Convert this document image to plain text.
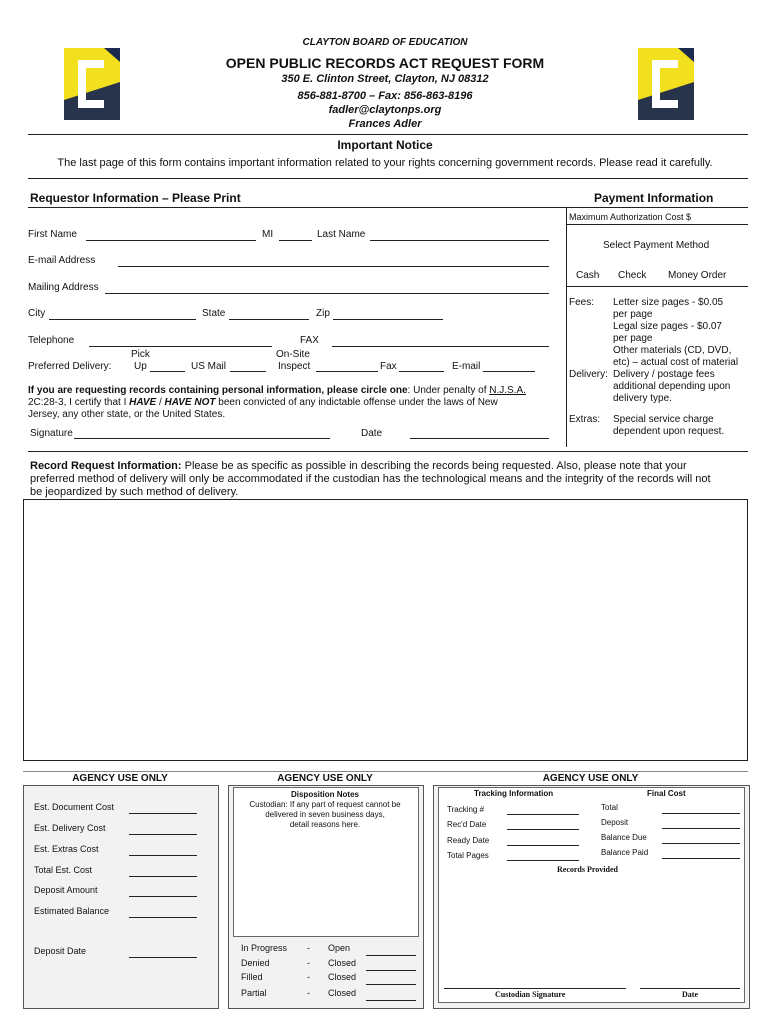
CLAYTON BOARD OF EDUCATION
OPEN PUBLIC RECORDS ACT REQUEST FORM
350 E. Clinton Street, Clayton, NJ 08312
856-881-8700 – Fax: 856-863-8196
fadler@claytonps.org
Frances Adler
Important Notice
The last page of this form contains important information related to your rights concerning government records. Please read it carefully.
Requestor Information – Please Print	Payment Information
First Name	MI	Last Name
E-mail Address
Mailing Address
City	State	Zip
Telephone	FAX
Preferred Delivery:
Pick
Up	US Mail
On-Site
Inspect	Fax	E-mail
If you are requesting records containing personal information, please circle one: Under penalty of N.J.S.A.
2C:28-3, I certify that I HAVE / HAVE NOT been convicted of any indictable offense under the laws of New
Jersey, any other state, or the United States.
Signature	Date
Maximum Authorization Cost $
Select Payment Method
Cash Check Money Order
Fees: Letter size pages - $0.05
per page
Legal size pages - $0.07
per page
Other materials (CD, DVD,
etc) – actual cost of material
Delivery: Delivery / postage fees
additional depending upon
delivery type.
Extras: Special service charge
dependent upon request.
Record Request Information: Please be as specific as possible in describing the records being requested. Also, please note that your
preferred method of delivery will only be accommodated if the custodian has the technological means and the integrity of the records will not
be jeopardized by such method of delivery.
AGENCY USE ONLY
Est. Document Cost
Est. Delivery Cost
Est. Extras Cost
Total Est. Cost
Deposit Amount
Estimated Balance
Deposit Date
AGENCY USE ONLY
Disposition Notes
Custodian: If any part of request cannot be
delivered in seven business days,
detail reasons here.
In Progress - Open
Denied	- Closed
Filled	- Closed
Partial	- Closed
AGENCY USE ONLY
Tracking Information	Final Cost
Tracking #
Rec'd Date
Ready Date
Total Pages
Total
Deposit
Balance Due
Balance Paid
Records Provided
Custodian Signature	Date
